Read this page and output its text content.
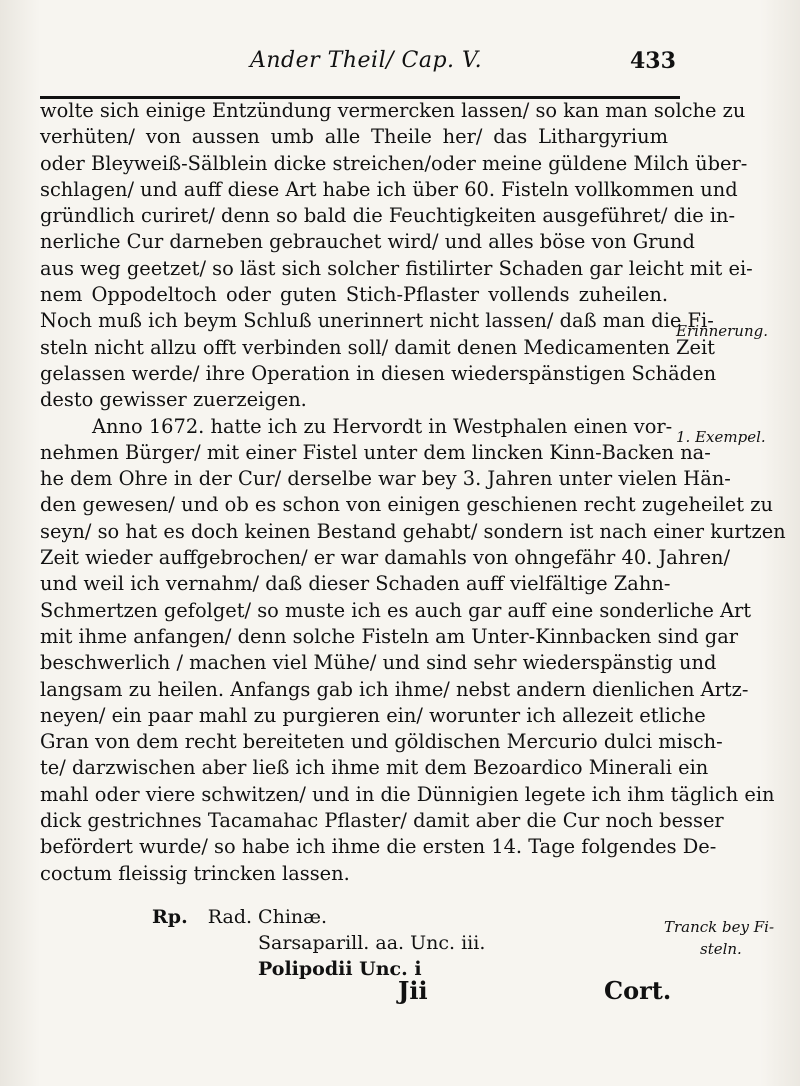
Ander Theil/ Cap. V.	433
wolte sich einige Entzündung vermercken lassen/ so kan man solche zu
verhüten/ von aussen umb alle Theile her/ das Lithargyrium
oder Bleyweiß-Sälblein dicke streichen/oder meine güldene Milch über-
schlagen/ und auff diese Art habe ich über 60. Fisteln vollkommen und
gründlich curiret/ denn so bald die Feuchtigkeiten ausgeführet/ die in-
nerliche Cur darneben gebrauchet wird/ und alles böse von Grund
aus weg geetzet/ so läst sich solcher fistilirter Schaden gar leicht mit ei-
nem Oppodeltoch oder guten Stich-Pflaster vollends zuheilen.
Noch muß ich beym Schluß unerinnert nicht lassen/ daß man die Fi-
steln nicht allzu offt verbinden soll/ damit denen Medicamenten Zeit
gelassen werde/ ihre Operation in diesen wiederspänstigen Schäden
desto gewisser zuerzeigen.
Anno 1672. hatte ich zu Hervordt in Westphalen einen vor-
nehmen Bürger/ mit einer Fistel unter dem lincken Kinn-Backen na-
he dem Ohre in der Cur/ derselbe war bey 3. Jahren unter vielen Hän-
den gewesen/ und ob es schon von einigen geschienen recht zugeheilet zu
seyn/ so hat es doch keinen Bestand gehabt/ sondern ist nach einer kurtzen
Zeit wieder auffgebrochen/ er war damahls von ohngefähr 40. Jahren/
und weil ich vernahm/ daß dieser Schaden auff vielfältige Zahn-
Schmertzen gefolget/ so muste ich es auch gar auff eine sonderliche Art
mit ihme anfangen/ denn solche Fisteln am Unter-Kinnbacken sind gar
beschwerlich / machen viel Mühe/ und sind sehr wiederspänstig und
langsam zu heilen. Anfangs gab ich ihme/ nebst andern dienlichen Artz-
neyen/ ein paar mahl zu purgieren ein/ worunter ich allezeit etliche
Gran von dem recht bereiteten und göldischen Mercurio dulci misch-
te/ darzwischen aber ließ ich ihme mit dem Bezoardico Minerali ein
mahl oder viere schwitzen/ und in die Dünnigien legete ich ihm täglich ein
dick gestrichnes Tacamahac Pflaster/ damit aber die Cur noch besser
befördert wurde/ so habe ich ihme die ersten 14. Tage folgendes De-
coctum fleissig trincken lassen.
Erinnerung.
1. Exempel.
Tranck bey Fi-
steln.
Rp. Rad. Chinæ.
Sarsaparill. aa. Unc. iii.
Polipodii Unc. i
Jii	Cort.
